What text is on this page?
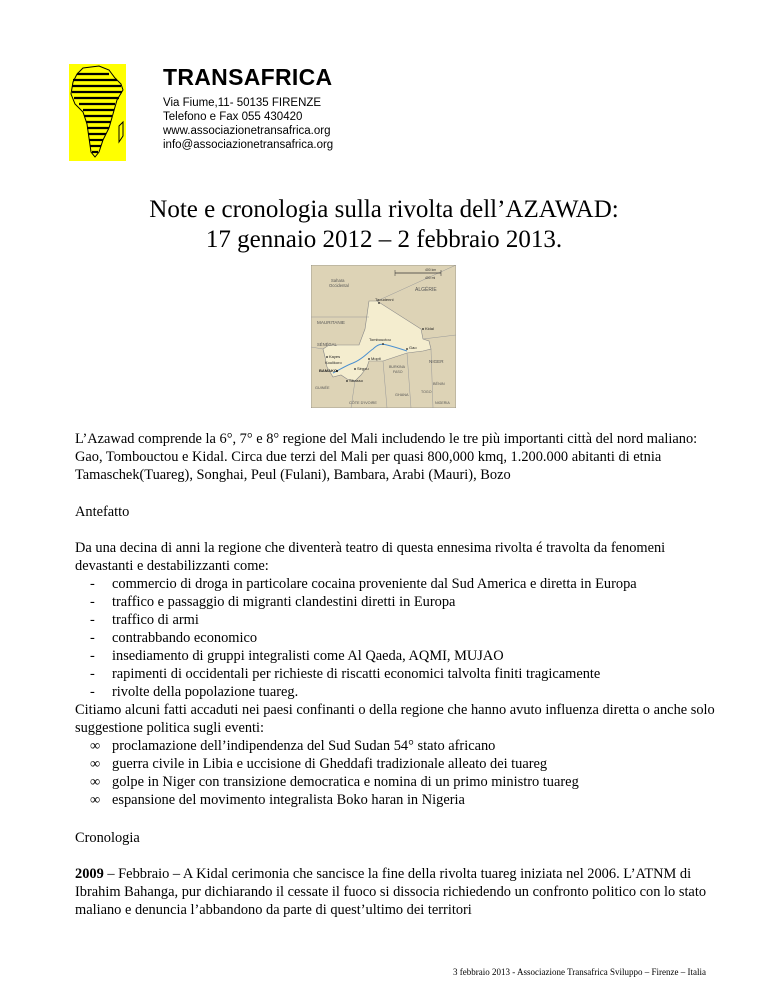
TRANSAFRICA
Via Fiume,11- 50135 FIRENZE
Telefono e Fax 055 430420
www.associazionetransafrica.org
info@associazionetransafrica.org
Note e cronologia sulla rivolta dell’AZAWAD:
17 gennaio 2012 – 2 febbraio 2013.
400 km
400 mi
Sahara
Occidental
ALGÉRIE
MAURITANIE
SÉNÉGAL
NIGER
BURKINA
FASO
GUINÉE
BÉNIN
TOGO
GHANA
CÔTE D'IVOIRE	NIGERIA
Taoudenni
Kidal
Tombouctou
Gao
Kayes
Koulikoro
Mopti
BAMAKO	Ségou
Sikasso
L’Azawad comprende la 6°, 7° e 8° regione del Mali includendo le tre più importanti città del nord maliano: Gao, Tombouctou e Kidal. Circa due terzi del Mali per quasi 800,000 kmq, 1.200.000 abitanti di etnia Tamaschek(Tuareg), Songhai, Peul (Fulani), Bambara, Arabi (Mauri), Bozo
Antefatto
Da una decina di anni la regione che diventerà teatro di questa ennesima rivolta é travolta da fenomeni devastanti e destabilizzanti come:
-	commercio di droga in particolare cocaina proveniente dal Sud America e diretta in Europa
-	traffico e passaggio di migranti clandestini diretti in Europa
-	traffico di armi
-	contrabbando economico
-	insediamento di gruppi integralisti come Al Qaeda, AQMI, MUJAO
-	rapimenti di occidentali per richieste di riscatti economici talvolta finiti tragicamente
-	rivolte della popolazione tuareg.
Citiamo alcuni fatti accaduti nei paesi confinanti o della regione che hanno avuto influenza diretta o anche solo suggestione politica sugli eventi:
∞ proclamazione dell’indipendenza del Sud Sudan 54° stato africano
∞ guerra civile in Libia e uccisione di Gheddafi tradizionale alleato dei tuareg
∞ golpe in Niger con transizione democratica e nomina di un primo ministro tuareg
∞ espansione del movimento integralista Boko haran in Nigeria
Cronologia
2009 – Febbraio – A Kidal cerimonia che sancisce la fine della rivolta tuareg iniziata nel 2006. L’ATNM di Ibrahim Bahanga, pur dichiarando il cessate il fuoco si dissocia richiedendo un confronto politico con lo stato maliano e denuncia l’abbandono da parte di quest’ultimo dei territori
3 febbraio 2013 - Associazione Transafrica Sviluppo – Firenze – Italia
